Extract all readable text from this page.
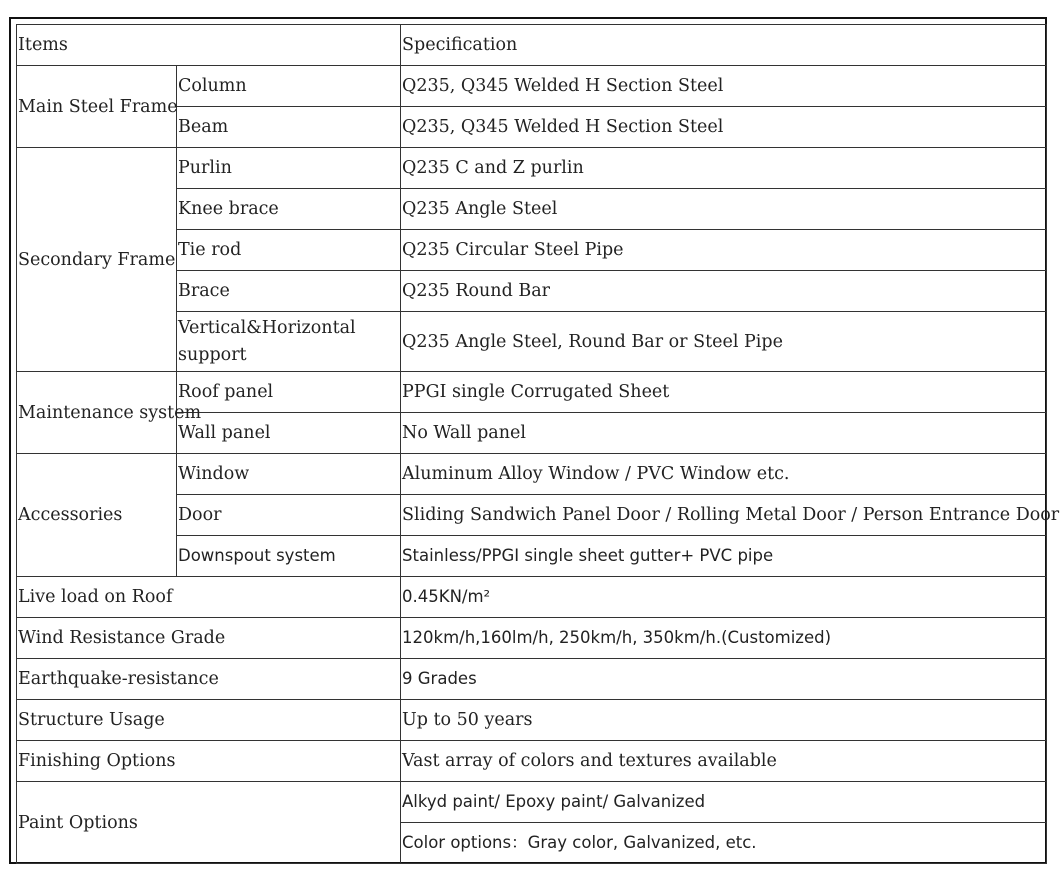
Items		Specification
Main Steel Frame	Column	Q235, Q345 Welded H Section Steel
	Beam	Q235, Q345 Welded H Section Steel
Secondary Frame	Purlin	Q235 C and Z purlin
	Knee brace	Q235 Angle Steel
	Tie rod	Q235 Circular Steel Pipe
	Brace	Q235 Round Bar
	Vertical&Horizontal support	Q235 Angle Steel, Round Bar or Steel Pipe
Maintenance system	Roof panel	PPGI single Corrugated Sheet
	Wall panel	No Wall panel
Accessories	Window	Aluminum Alloy Window / PVC Window etc.
	Door	Sliding Sandwich Panel Door / Rolling Metal Door / Person Entrance Door
	Downspout system	Stainless/PPGI single sheet gutter+ PVC pipe
Live load on Roof		0.45KN/m²
Wind Resistance Grade		120km/h,160lm/h, 250km/h, 350km/h.(Customized)
Earthquake-resistance		9 Grades
Structure Usage		Up to 50 years
Finishing Options		Vast array of colors and textures available
Paint Options		Alkyd paint/ Epoxy paint/ Galvanized
		Color options：Gray color, Galvanized, etc.
